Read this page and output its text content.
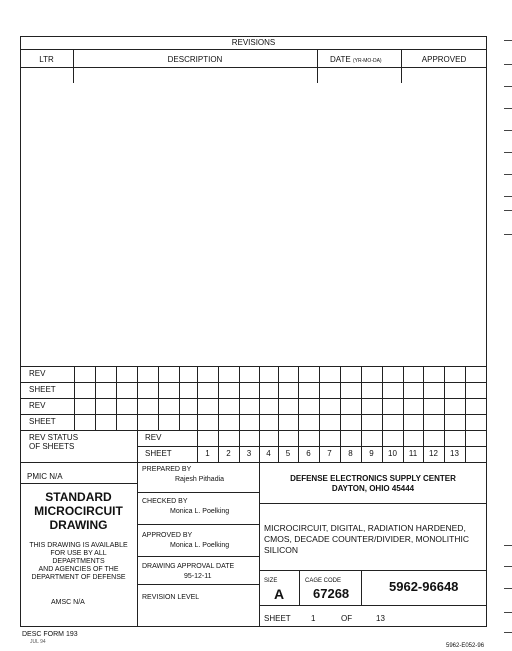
REVISIONS
LTR	DESCRIPTION	DATE (YR-MO-DA)	APPROVED
REV
SHEET
REV
SHEET
REV STATUS
OF SHEETS
REV
SHEET	1	2	3	4	5	6	7	8	9	10	11	12	13
PMIC N/A
STANDARD
MICROCIRCUIT
DRAWING
THIS DRAWING IS AVAILABLE
FOR USE BY ALL
DEPARTMENTS
AND AGENCIES OF THE
DEPARTMENT OF DEFENSE
AMSC N/A
PREPARED BY
Rajesh Pithadia
CHECKED BY
Monica L. Poelking
APPROVED BY
Monica L. Poelking
DRAWING APPROVAL DATE
95-12-11
REVISION LEVEL
DEFENSE ELECTRONICS SUPPLY CENTER
DAYTON, OHIO 45444
MICROCIRCUIT, DIGITAL, RADIATION HARDENED,
CMOS, DECADE COUNTER/DIVIDER, MONOLITHIC
SILICON
SIZE
A
CAGE CODE
67268	5962-96648
SHEET	1	OF	13
DESC FORM 193
JUL 94
5962-E052-96
